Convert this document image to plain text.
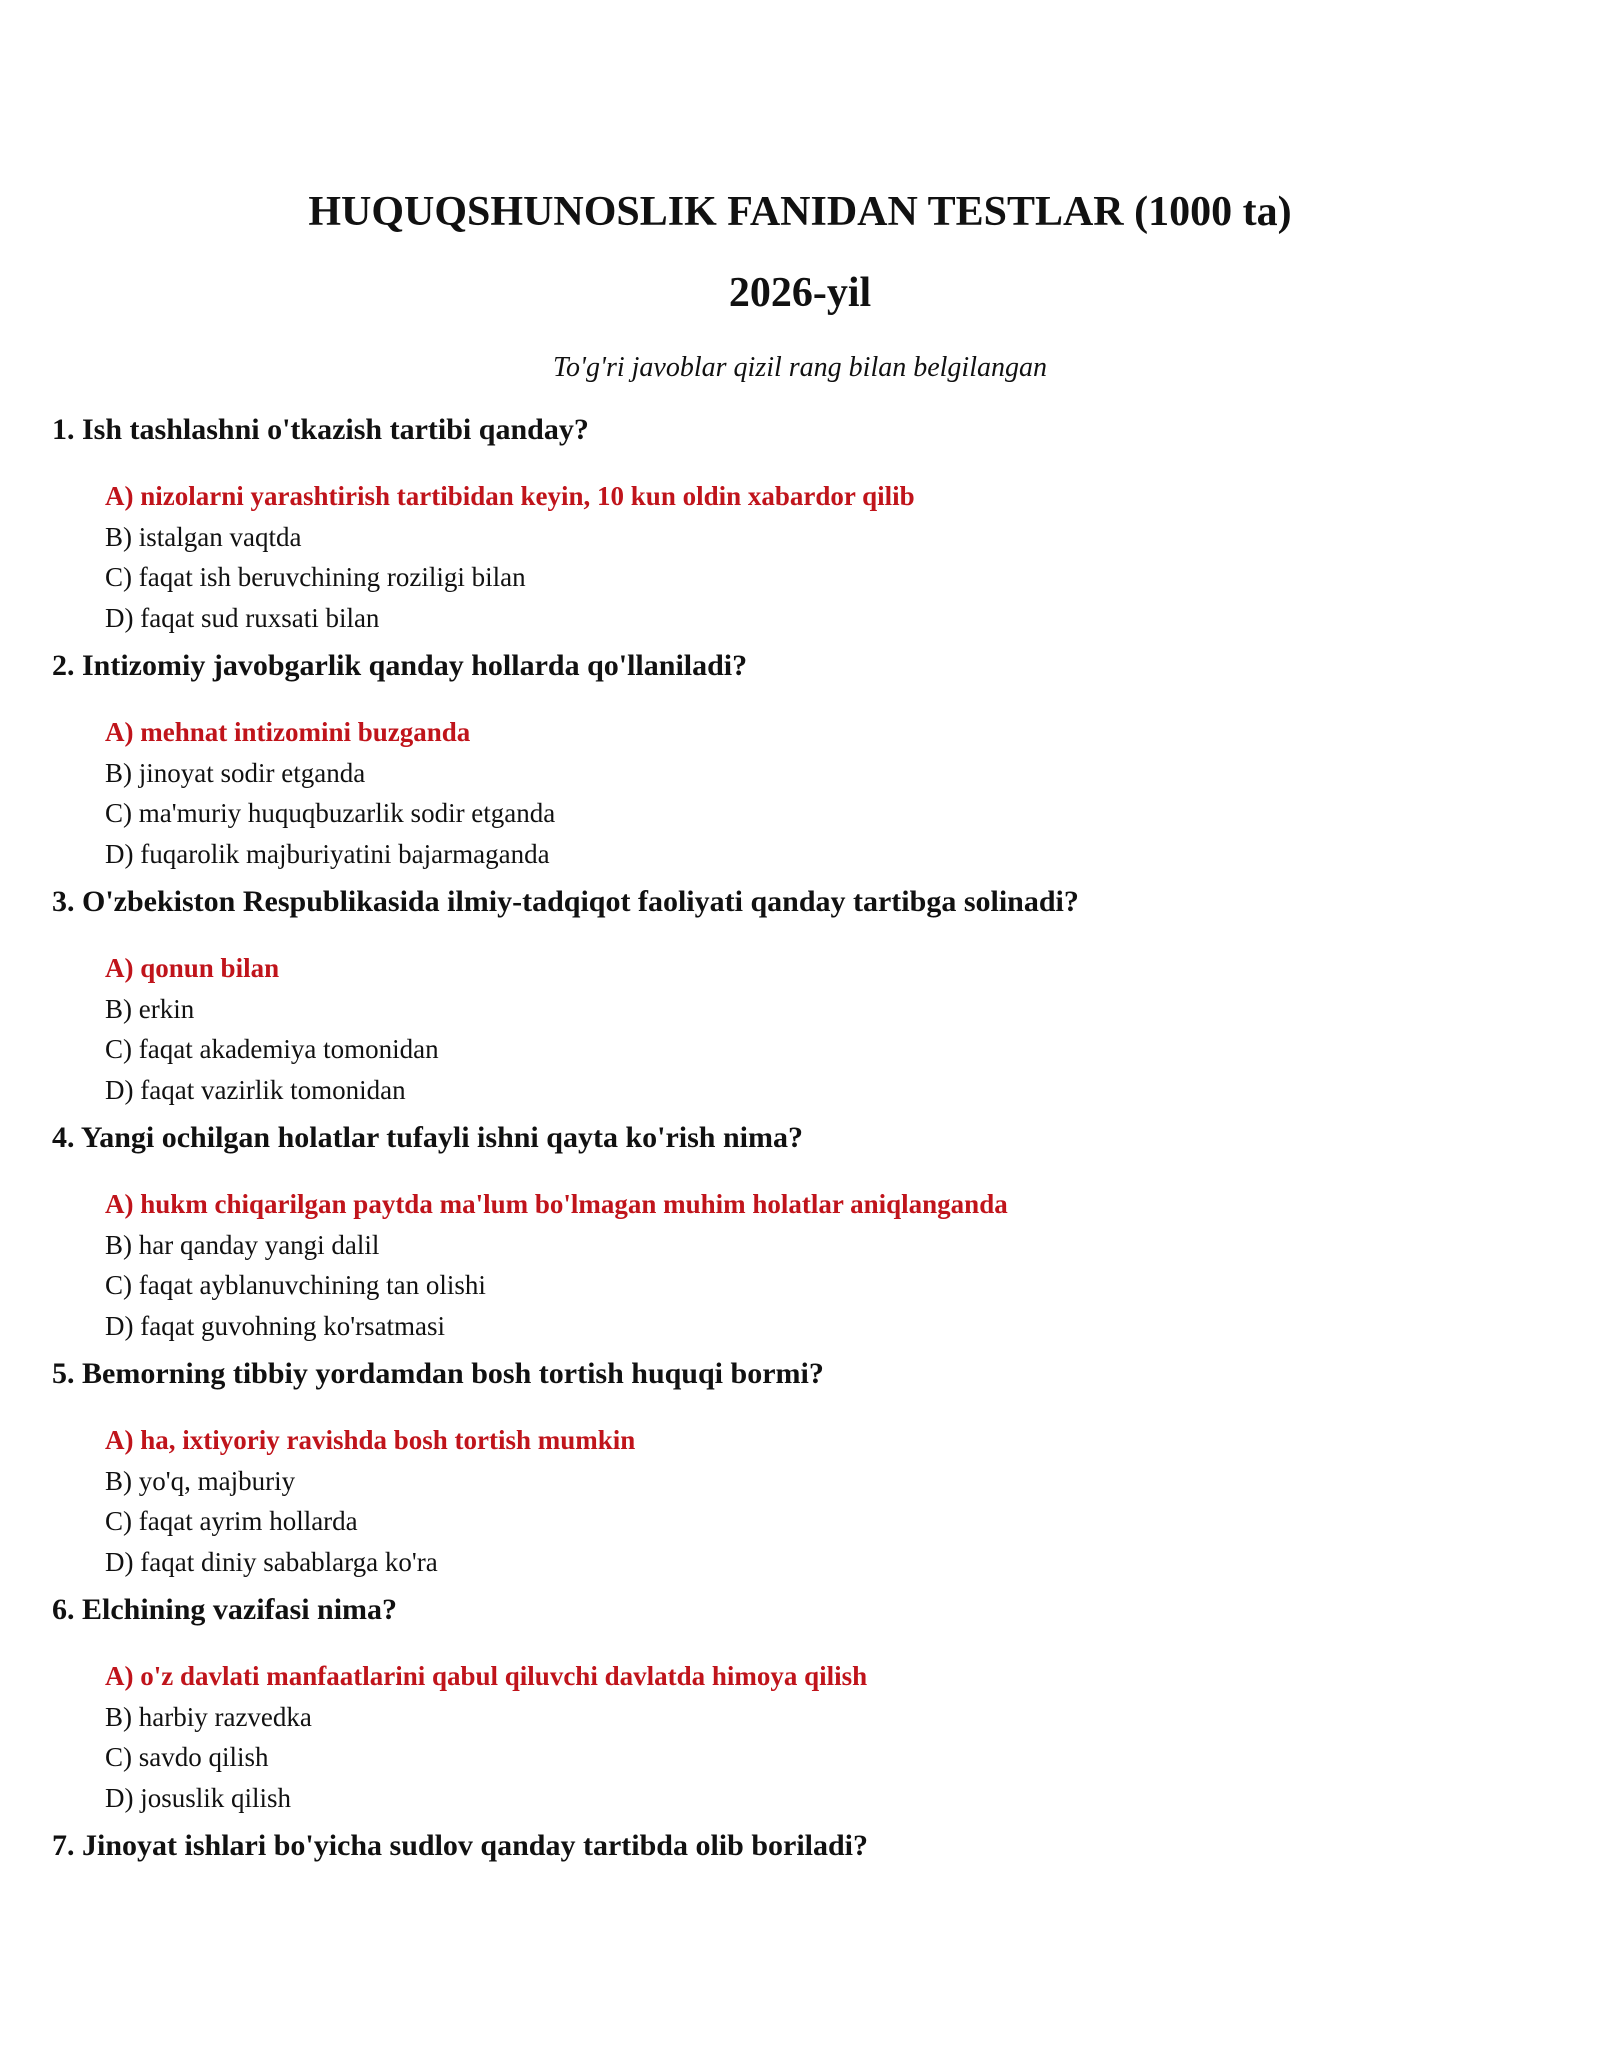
HUQUQSHUNOSLIK FANIDAN TESTLAR (1000 ta)
2026-yil

To'g'ri javoblar qizil rang bilan belgilangan

1. Ish tashlashni o'tkazish tartibi qanday?
A) nizolarni yarashtirish tartibidan keyin, 10 kun oldin xabardor qilib
B) istalgan vaqtda
C) faqat ish beruvchining roziligi bilan
D) faqat sud ruxsati bilan
2. Intizomiy javobgarlik qanday hollarda qo'llaniladi?
A) mehnat intizomini buzganda
B) jinoyat sodir etganda
C) ma'muriy huquqbuzarlik sodir etganda
D) fuqarolik majburiyatini bajarmaganda
3. O'zbekiston Respublikasida ilmiy-tadqiqot faoliyati qanday tartibga solinadi?
A) qonun bilan
B) erkin
C) faqat akademiya tomonidan
D) faqat vazirlik tomonidan
4. Yangi ochilgan holatlar tufayli ishni qayta ko'rish nima?
A) hukm chiqarilgan paytda ma'lum bo'lmagan muhim holatlar aniqlanganda
B) har qanday yangi dalil
C) faqat ayblanuvchining tan olishi
D) faqat guvohning ko'rsatmasi
5. Bemorning tibbiy yordamdan bosh tortish huquqi bormi?
A) ha, ixtiyoriy ravishda bosh tortish mumkin
B) yo'q, majburiy
C) faqat ayrim hollarda
D) faqat diniy sabablarga ko'ra
6. Elchining vazifasi nima?
A) o'z davlati manfaatlarini qabul qiluvchi davlatda himoya qilish
B) harbiy razvedka
C) savdo qilish
D) josuslik qilish
7. Jinoyat ishlari bo'yicha sudlov qanday tartibda olib boriladi?
